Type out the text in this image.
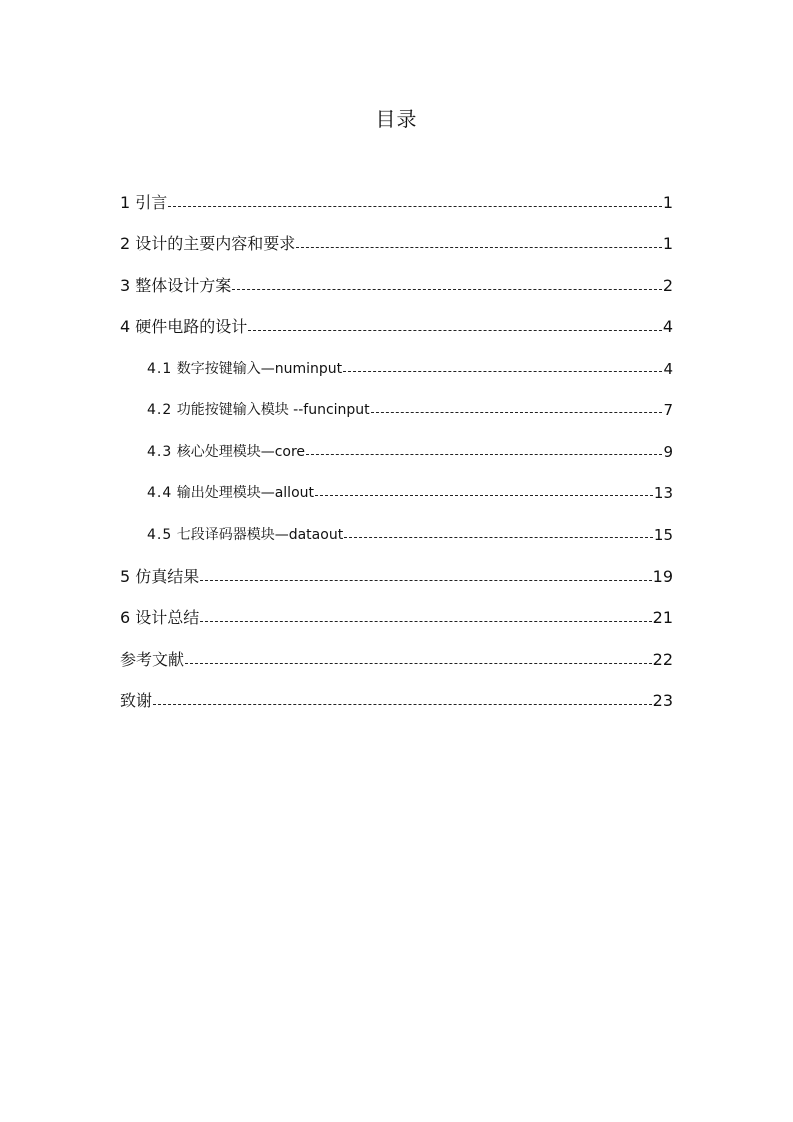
目录
1 引言	1
2 设计的主要内容和要求	1
3 整体设计方案	2
4 硬件电路的设计	4
4.1 数字按键输入—numinput	4
4.2 功能按键输入模块 --funcinput	7
4.3 核心处理模块—core	9
4.4 输出处理模块—allout	13
4.5 七段译码器模块—dataout	15
5 仿真结果	19
6 设计总结	21
参考文献	22
致谢	23
